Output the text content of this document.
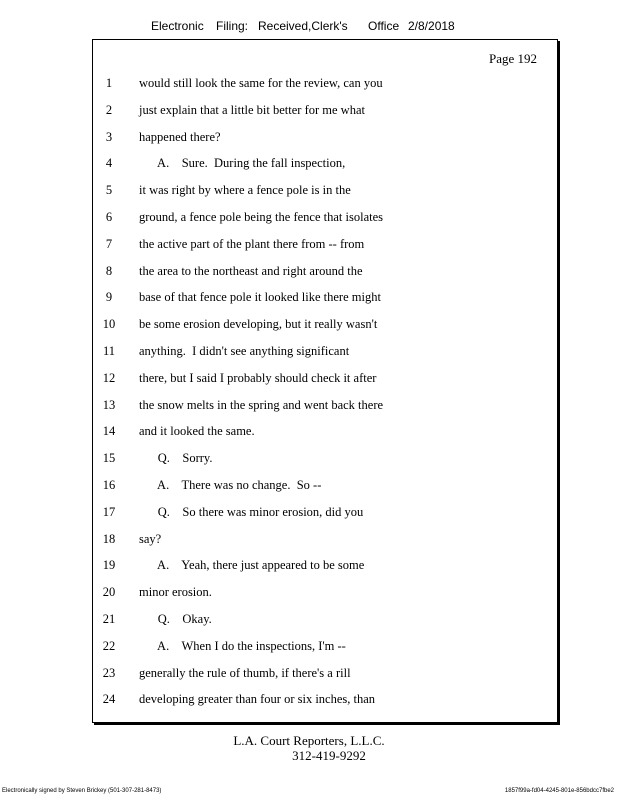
Electronic Filing: Received,Clerk's Office 2/8/2018
Page 192
1	would still look the same for the review, can you
2	just explain that a little bit better for me what
3	happened there?
4	A.    Sure.  During the fall inspection,
5	it was right by where a fence pole is in the
6	ground, a fence pole being the fence that isolates
7	the active part of the plant there from -- from
8	the area to the northeast and right around the
9	base of that fence pole it looked like there might
10	be some erosion developing, but it really wasn't
11	anything.  I didn't see anything significant
12	there, but I said I probably should check it after
13	the snow melts in the spring and went back there
14	and it looked the same.
15	Q.    Sorry.
16	A.    There was no change.  So --
17	Q.    So there was minor erosion, did you
18	say?
19	A.    Yeah, there just appeared to be some
20	minor erosion.
21	Q.    Okay.
22	A.    When I do the inspections, I'm --
23	generally the rule of thumb, if there's a rill
24	developing greater than four or six inches, than
L.A. Court Reporters, L.L.C.
312-419-9292
Electronically signed by Steven Brickey (501-307-281-8473)	1857f99a-fd04-4245-801e-856bdcc7fbe2
